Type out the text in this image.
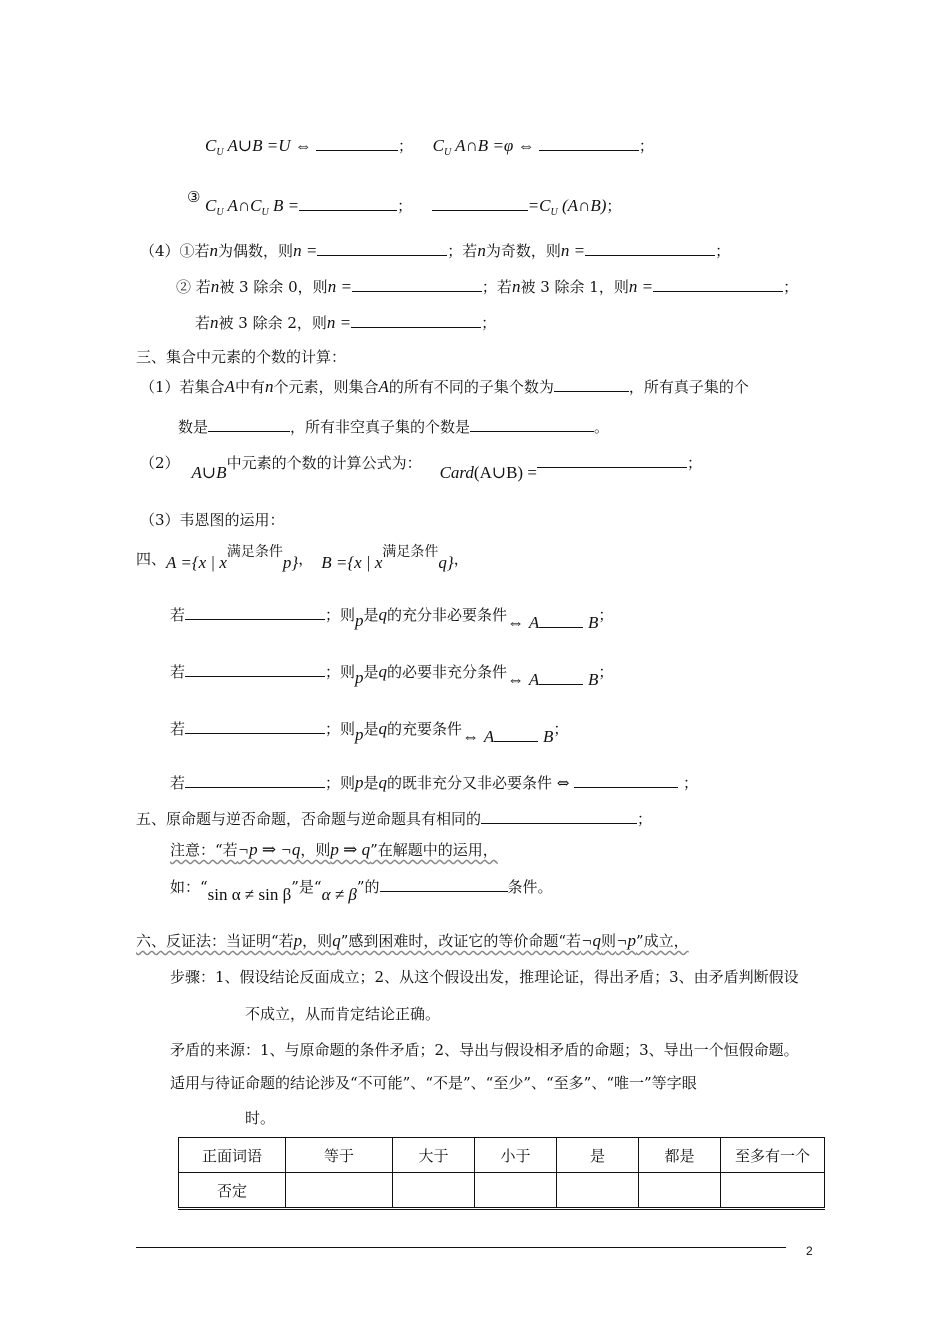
$C_U$ A∪B =U ⇔	； $C_U$ A∩B =φ ⇔	；
③ $C_U$ $A\cap C_U$ B =	；	$=C_U$ (A∩B)；
（4）①若n为偶数，则n =	；若n为奇数，则n =	；
② 若n被 3 除余 0，则n =	；若n被 3 除余 1，则n =	；
若n被 3 除余 2，则n =	；
三、集合中元素的个数的计算：
（1）若集合A中有n个元素，则集合A的所有不同的子集个数为	，所有真子集的个
数是	，所有非空真子集的个数是	。
（2） A∪B中元素的个数的计算公式为： Card(A∪B) =	；
（3）韦恩图的运用：
四、A ={x | x满足条件p}， B ={x | x满足条件q}，
若	；则p是q的充分非必要条件⇔ A	B；
若	；则p是q的必要非充分条件⇔ A	B；
若	；则p是q的充要条件⇔ A	B；
若	；则p是q的既非充分又非必要条件 ⇔	；
五、原命题与逆否命题，否命题与逆命题具有相同的	；
注意：“若¬p ⇒ ¬q，则p ⇒ q”在解题中的运用，
如：“sin α ≠ sin β”是“α ≠ β”的	条件。
六、反证法：当证明“若p，则q”感到困难时，改证它的等价命题“若¬q则¬p”成立，
步骤：1、假设结论反面成立；2、从这个假设出发，推理论证，得出矛盾；3、由矛盾判断假设
不成立，从而肯定结论正确。
矛盾的来源：1、与原命题的条件矛盾；2、导出与假设相矛盾的命题；3、导出一个恒假命题。
适用与待证命题的结论涉及“不可能”、“不是”、“至少”、“至多”、“唯一”等字眼
时。
正面词语	等于	大于	小于	是	都是	至多有一个
否定						
2
